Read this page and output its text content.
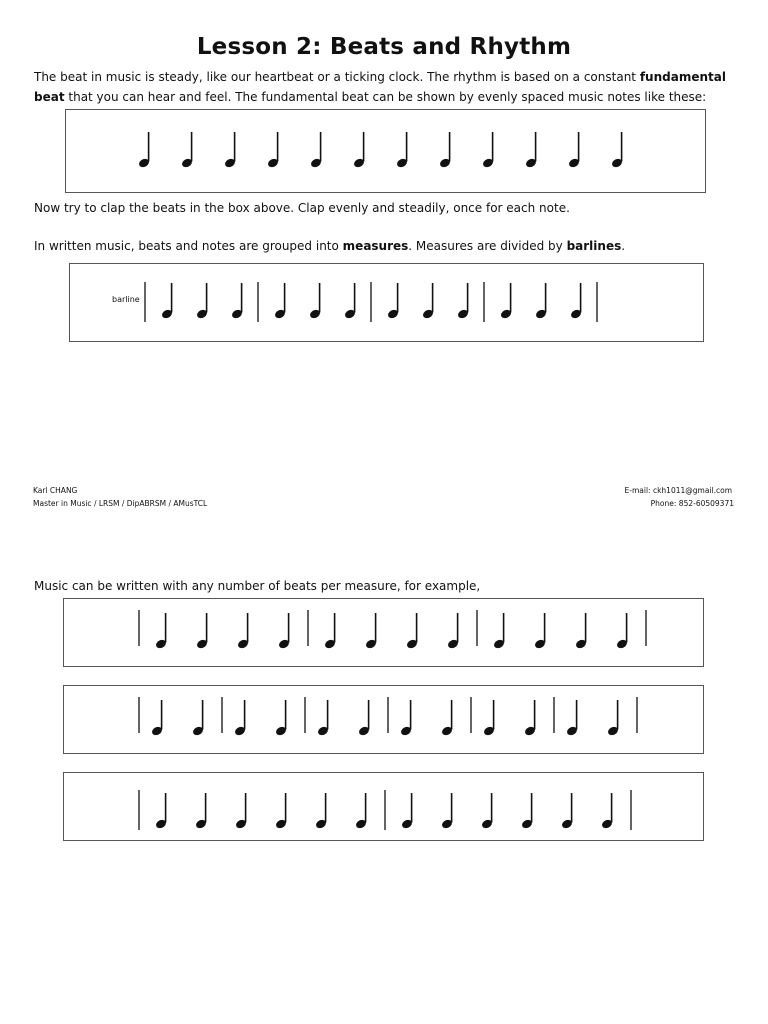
Lesson 2: Beats and Rhythm

The beat in music is steady, like our heartbeat or a ticking clock. The rhythm is based on a constant fundamental beat that you can hear and feel. The fundamental beat can be shown by evenly spaced music notes like these:

Now try to clap the beats in the box above. Clap evenly and steadily, once for each note.

In written music, beats and notes are grouped into measures. Measures are divided by barlines.

barline

Karl CHANG

Master in Music / LRSM / DipABRSM / AMusTCL

E-mail: ckh1011@gmail.com

Phone: 852-60509371

Music can be written with any number of beats per measure, for example,
